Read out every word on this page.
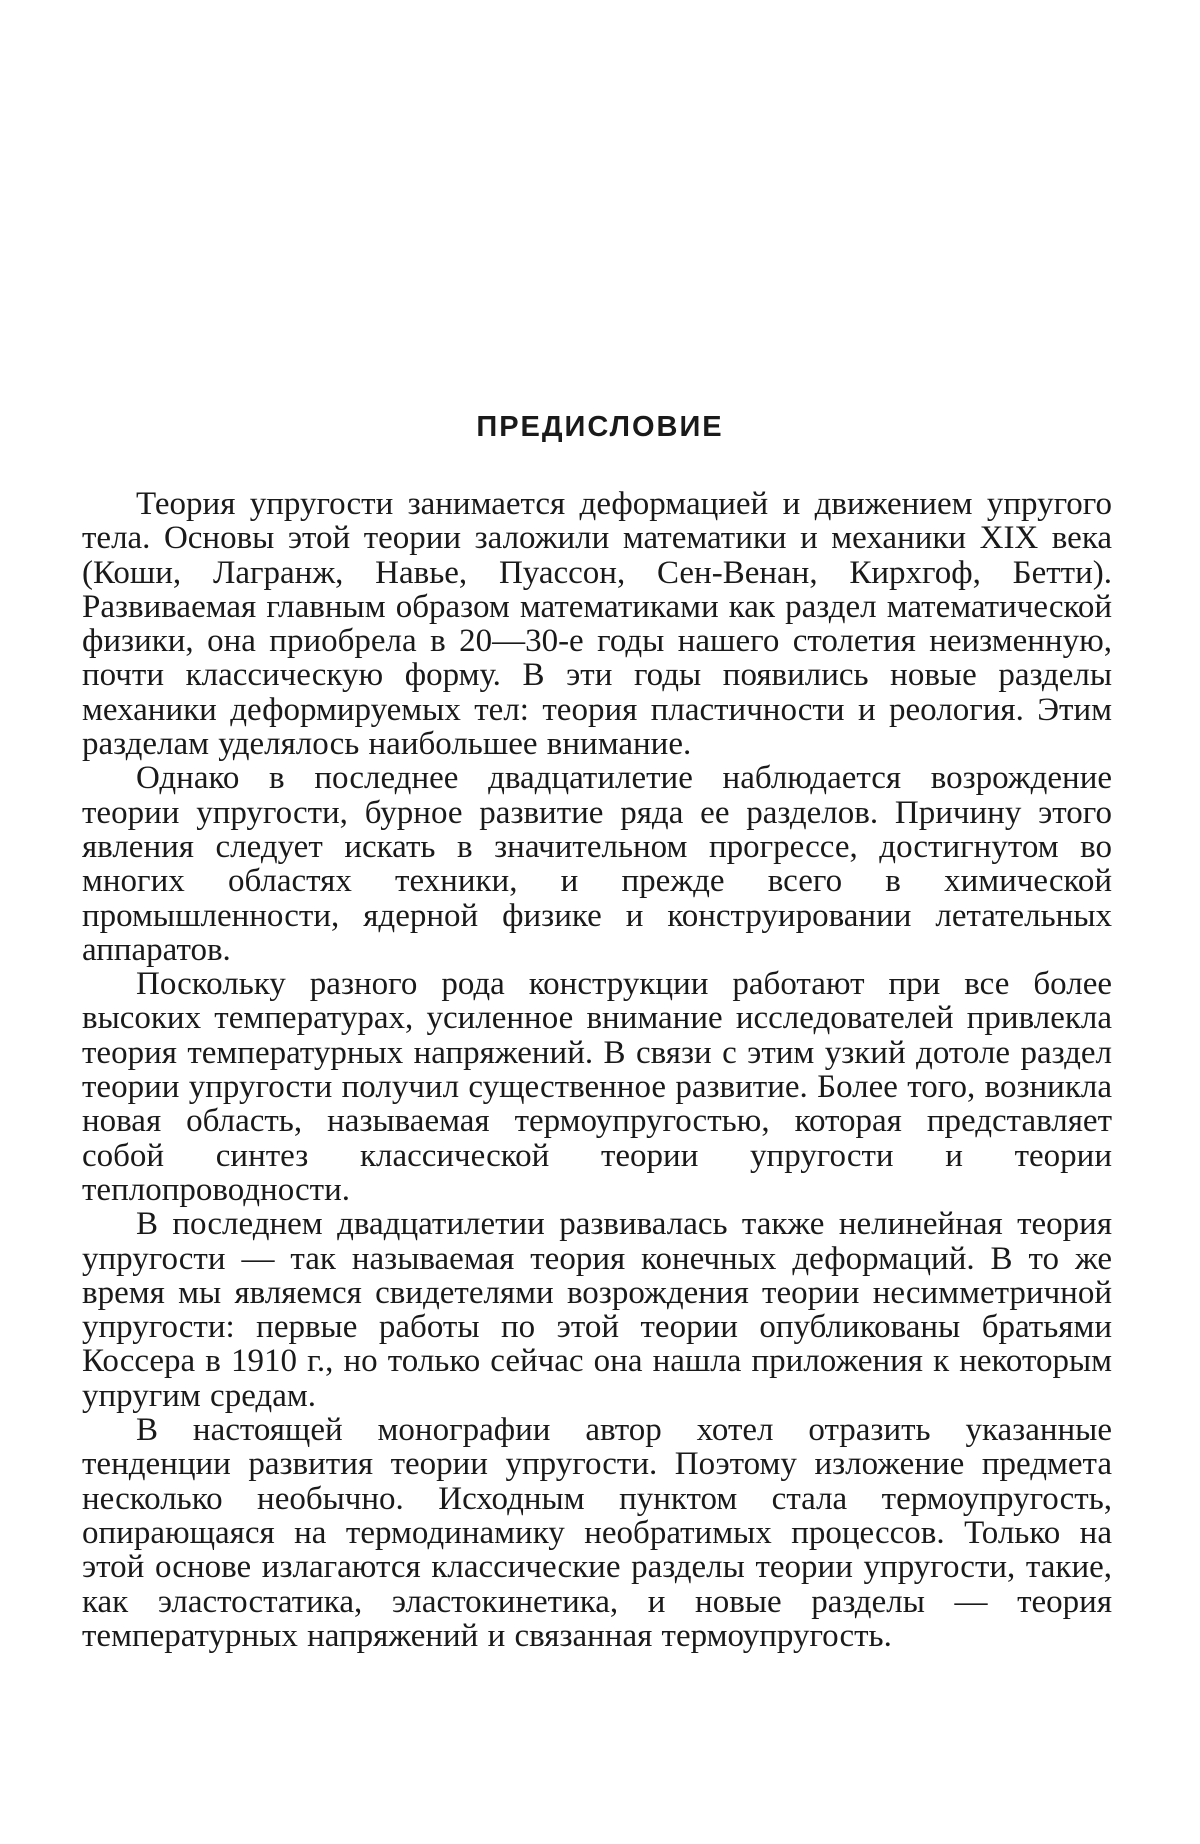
ПРЕДИСЛОВИЕ

Теория упругости занимается деформацией и движением упругого тела. Основы этой теории заложили математики и механики XIX века (Коши, Лагранж, Навье, Пуассон, Сен-Венан, Кирхгоф, Бетти). Развиваемая главным образом математиками как раздел математической физики, она приобрела в 20—30-е годы нашего столетия неизменную, почти классическую форму. В эти годы появились новые разделы механики деформируемых тел: теория пластичности и реология. Этим разделам уделялось наибольшее внимание.

Однако в последнее двадцатилетие наблюдается возрождение теории упругости, бурное развитие ряда ее разделов. Причину этого явления следует искать в значительном прогрессе, достигнутом во многих областях техники, и прежде всего в химической промышленности, ядерной физике и конструировании летательных аппаратов.

Поскольку разного рода конструкции работают при все более высоких температурах, усиленное внимание исследователей привлекла теория температурных напряжений. В связи с этим узкий дотоле раздел теории упругости получил существенное развитие. Более того, возникла новая область, называемая термоупругостью, которая представляет собой синтез классической теории упругости и теории теплопроводности.

В последнем двадцатилетии развивалась также нелинейная теория упругости — так называемая теория конечных деформаций. В то же время мы являемся свидетелями возрождения теории несимметричной упругости: первые работы по этой теории опубликованы братьями Коссера в 1910 г., но только сейчас она нашла приложения к некоторым упругим средам.

В настоящей монографии автор хотел отразить указанные тенденции развития теории упругости. Поэтому изложение предмета несколько необычно. Исходным пунктом стала термоупругость, опирающаяся на термодинамику необратимых процессов. Только на этой основе излагаются классические разделы теории упругости, такие, как эластостатика, эластокинетика, и новые разделы — теория температурных напряжений и связанная термоупругость.
